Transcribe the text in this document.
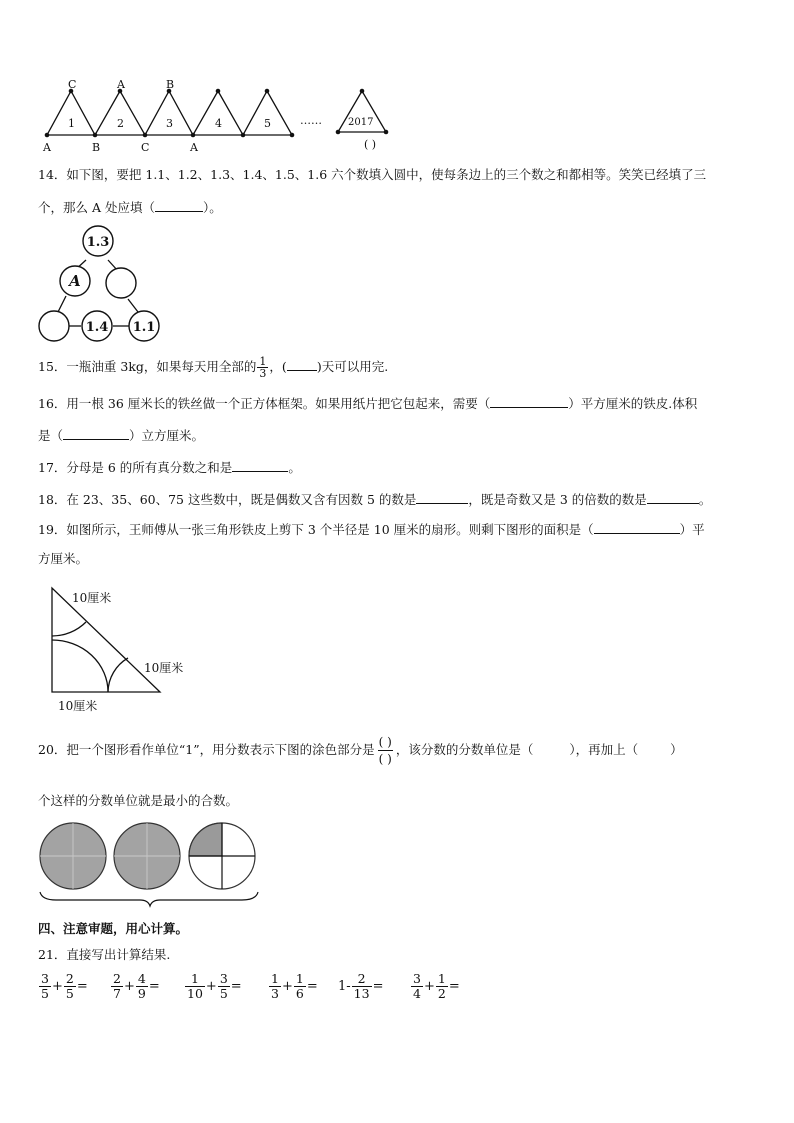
C	A	B
A	B	C	A
1	2	3	4	5	……	2017
( )
14．如下图，要把 1.1、1.2、1.3、1.4、1.5、1.6 六个数填入圆中，使每条边上的三个数之和都相等。笑笑已经填了三
个，那么 A 处应填（	）。
1.3
A
1.4 1.1
15．一瓶油重 3kg，如果每天用全部的 $\frac{1}{3}$ ，( )天可以用完.
16．用一根 36 厘米长的铁丝做一个正方体框架。如果用纸片把它包起来，需要（	）平方厘米的铁皮.体积
是（	）立方厘米。
17．分母是 6 的所有真分数之和是	。
18．在 23、35、60、75 这些数中，既是偶数又含有因数 5 的数是	，既是奇数又是 3 的倍数的数是	。
19．如图所示，王师傅从一张三角形铁皮上剪下 3 个半径是 10 厘米的扇形。则剩下图形的面积是（	）平
方厘米。
10厘米
10厘米
10厘米
20．把一个图形看作单位“1”，用分数表示下图的涂色部分是 ( )
( )
，该分数的分数单位是（	），再加上（	）
个这样的分数单位就是最小的合数。
四、注意审题，用心计算。
21．直接写出计算结果.
$\frac{3}{5} + \frac{2}{5} = \frac{2}{7} + \frac{4}{9} = \frac{1}{10} + \frac{3}{5} = \frac{1}{3} + \frac{1}{6} = 1- \frac{2}{13} = \frac{3}{4} + \frac{1}{2}$ =
